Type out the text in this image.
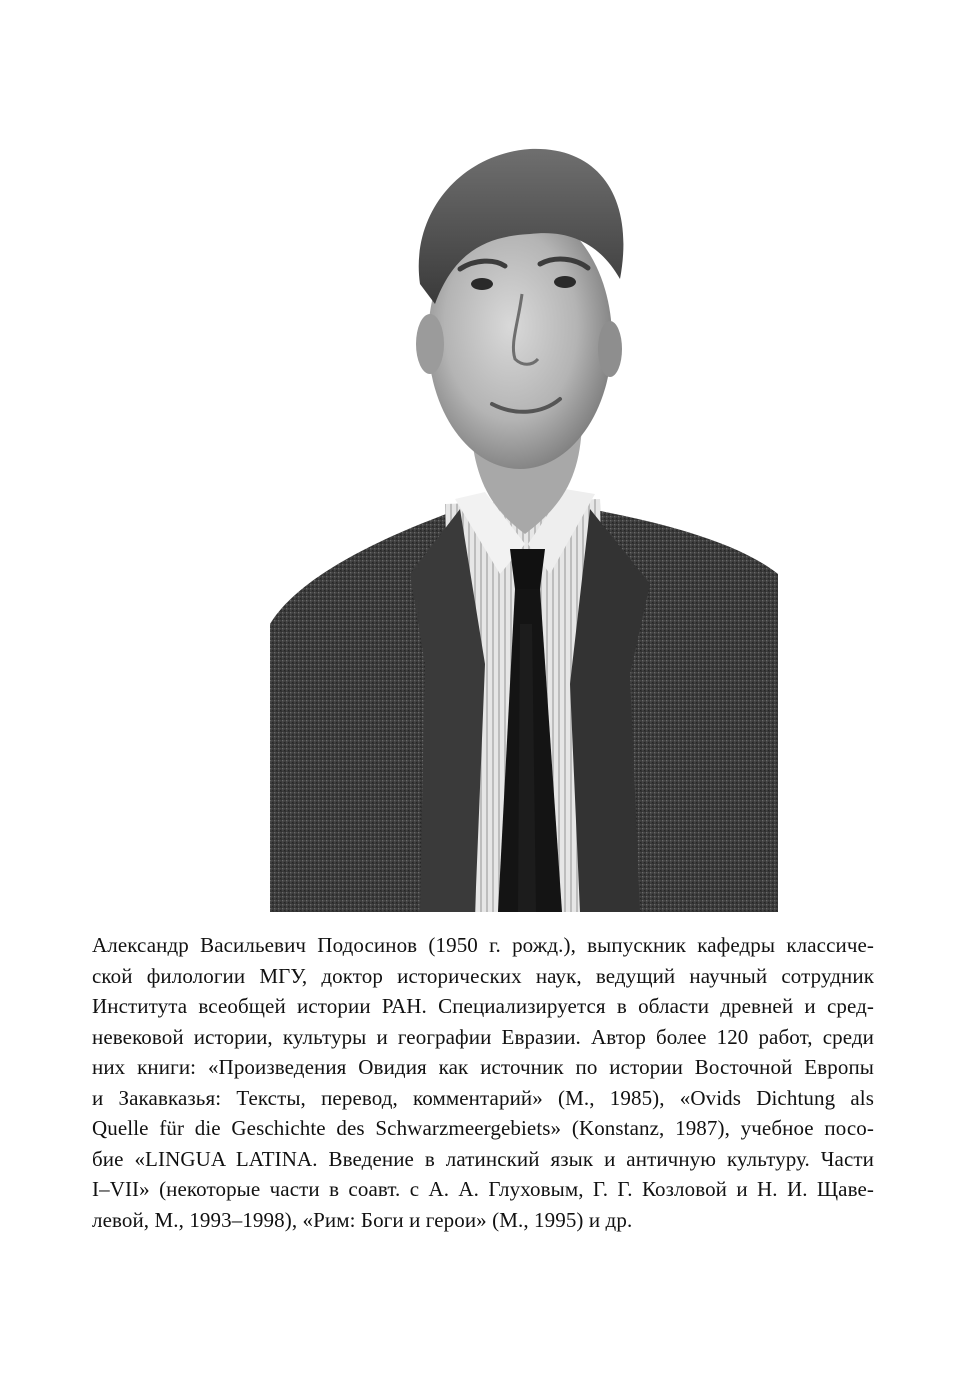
Александр Васильевич Подосинов (1950 г. рожд.), выпускник кафедры классиче-
ской филологии МГУ, доктор исторических наук, ведущий научный сотрудник
Института всеобщей истории РАН. Специализируется в области древней и сред-
невековой истории, культуры и географии Евразии. Автор более 120 работ, среди
них книги: «Произведения Овидия как источник по истории Восточной Европы
и Закавказья: Тексты, перевод, комментарий» (М., 1985), «Ovids Dichtung als
Quelle für die Geschichte des Schwarzmeergebiets» (Konstanz, 1987), учебное посо-
бие «LINGUA LATINA. Введение в латинский язык и античную культуру. Части
I–VII» (некоторые части в соавт. с А. А. Глуховым, Г. Г. Козловой и Н. И. Щаве-
левой, М., 1993–1998), «Рим: Боги и герои» (М., 1995) и др.
